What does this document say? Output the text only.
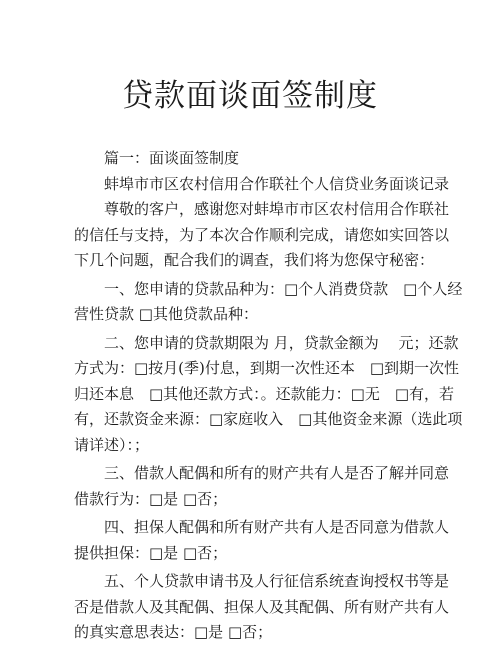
贷款面谈面签制度

篇一：面谈面签制度

蚌埠市市区农村信用合作联社个人信贷业务面谈记录

尊敬的客户，感谢您对蚌埠市市区农村信用合作联社

的信任与支持，为了本次合作顺利完成，请您如实回答以

下几个问题，配合我们的调查，我们将为您保守秘密：

一、您申请的贷款品种为：□个人消费贷款　□个人经

营性贷款 □其他贷款品种：

二、您申请的贷款期限为 月，贷款金额为　 元；还款

方式为：□按月(季)付息，到期一次性还本　□到期一次性

归还本息　□其他还款方式：。还款能力：□无　□有，若

有，还款资金来源：□家庭收入　□其他资金来源（选此项

请详述）：；

三、借款人配偶和所有的财产共有人是否了解并同意

借款行为：□是 □否；

四、担保人配偶和所有财产共有人是否同意为借款人

提供担保：□是 □否；

五、个人贷款申请书及人行征信系统查询授权书等是

否是借款人及其配偶、担保人及其配偶、所有财产共有人

的真实意思表达：□是 □否；
